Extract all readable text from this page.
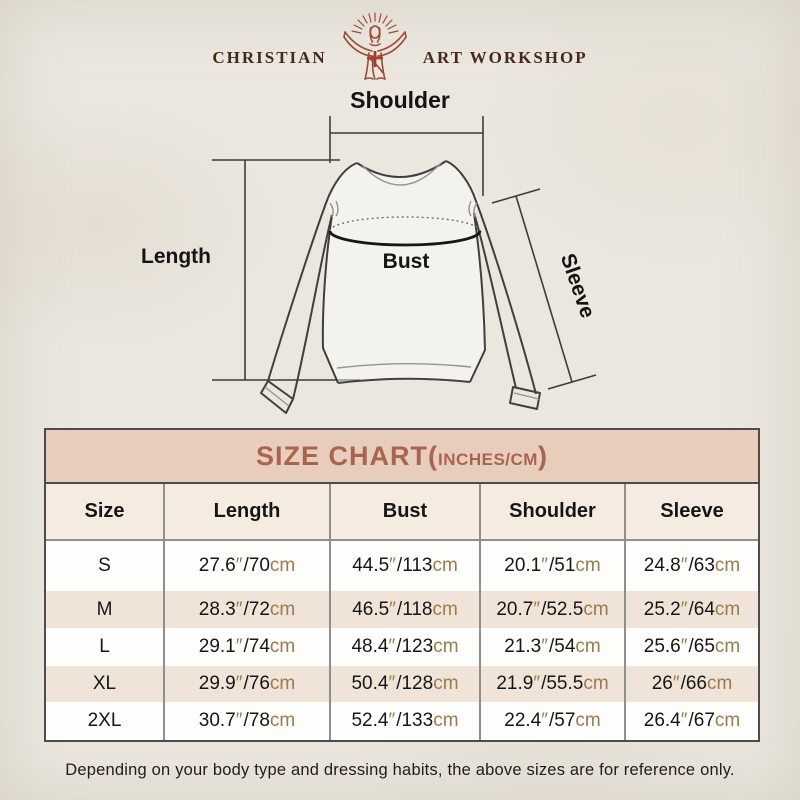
CHRISTIAN	ART WORKSHOP
Shoulder
Length	Bust	Sleeve
SIZE CHART( INCHES/CM )
Size	Length	Bust	Shoulder	Sleeve
S	27.6 ″ / 70 cm	44.5 ″ / 113 cm 20.1 ″ / 51 cm 24.8 ″ / 63 cm
M	28.3 ″ / 72 cm	46.5 ″ / 118 cm 20.7 ″ / 52.5 cm 25.2 ″ / 64 cm
L	29.1 ″ / 74 cm	48.4 ″ / 123 cm 21.3 ″ / 54 cm 25.6 ″ / 65 cm
XL	29.9 ″ / 76 cm	50.4 ″ / 128 cm 21.9 ″ / 55.5 cm 26 ″ / 66 cm
2XL	30.7 ″ / 78 cm	52.4 ″ / 133 cm 22.4 ″ / 57 cm 26.4 ″ / 67 cm
Depending on your body type and dressing habits, the above sizes are for reference only.
